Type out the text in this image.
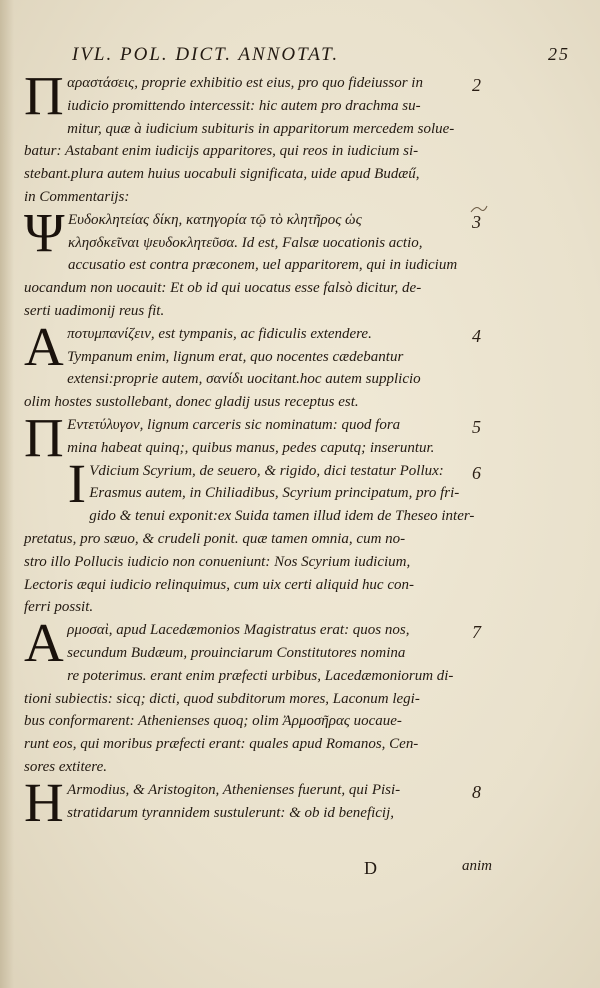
IVL. POL. DICT. ANNOTAT.	25
Π αραστάσεις, proprie exhibitio est eius, pro quo fideiussor in
iudicio promittendo intercessit: hic autem pro drachma su-
mitur, quæ à iudicium subituris in apparitorum mercedem solue-
batur: Astabant enim iudicijs apparitores, qui reos in iudicium si-
stebant.plura autem huius uocabuli significata, uide apud Budæű,
in Commentarijs:
2
Ψ Ευδοκλητείας δίκη, κατηγορία τῷ τὸ κλητῆρος ὡς
κλησδκεῖναι ψευδοκλητεῦσα. Id est, Falsæ uocationis actio,
accusatio est contra præconem, uel apparitorem, qui in iudicium
uocandum non uocauit: Et ob id qui uocatus esse falsò dicitur, de-
serti uadimonij reus fit.
3
A ποτυμπανίζειν, est tympanis, ac fidiculis extendere.
Tympanum enim, lignum erat, quo nocentes cædebantur
extensi:proprie autem, σανίδι uocitant.hoc autem supplicio
olim hostes sustollebant, donec gladij usus receptus est.
4
Π Εντετύλυγον, lignum carceris sic nominatum: quod fora
mina habeat quinq;, quibus manus, pedes caputq; inseruntur.
5
I Vdicium Scyrium, de seuero, & rigido, dici testatur Pollux:
Erasmus autem, in Chiliadibus, Scyrium principatum, pro fri-
gido & tenui exponit:ex Suida tamen illud idem de Theseo inter-
pretatus, pro sæuo, & crudeli ponit. quæ tamen omnia, cum no-
stro illo Pollucis iudicio non conueniunt: Nos Scyrium iudicium,
Lectoris æqui iudicio relinquimus, cum uix certi aliquid huc con-
ferri possit.
6
A ρμοσαὶ, apud Lacedæmonios Magistratus erat: quos nos,
secundum Budæum, prouinciarum Constitutores nomina
re poterimus. erant enim præfecti urbibus, Lacedæmoniorum di-
tioni subiectis: sicq; dicti, quod subditorum mores, Laconum legi-
bus conformarent: Athenienses quoq; olim Ἀρμοσῆρας uocaue-
runt eos, qui moribus præfecti erant: quales apud Romanos, Cen-
sores extitere.
7
H Armodius, & Aristogiton, Athenienses fuerunt, qui Pisi-
stratidarum tyrannidem sustulerunt: & ob id beneficij,
8
D	anim
